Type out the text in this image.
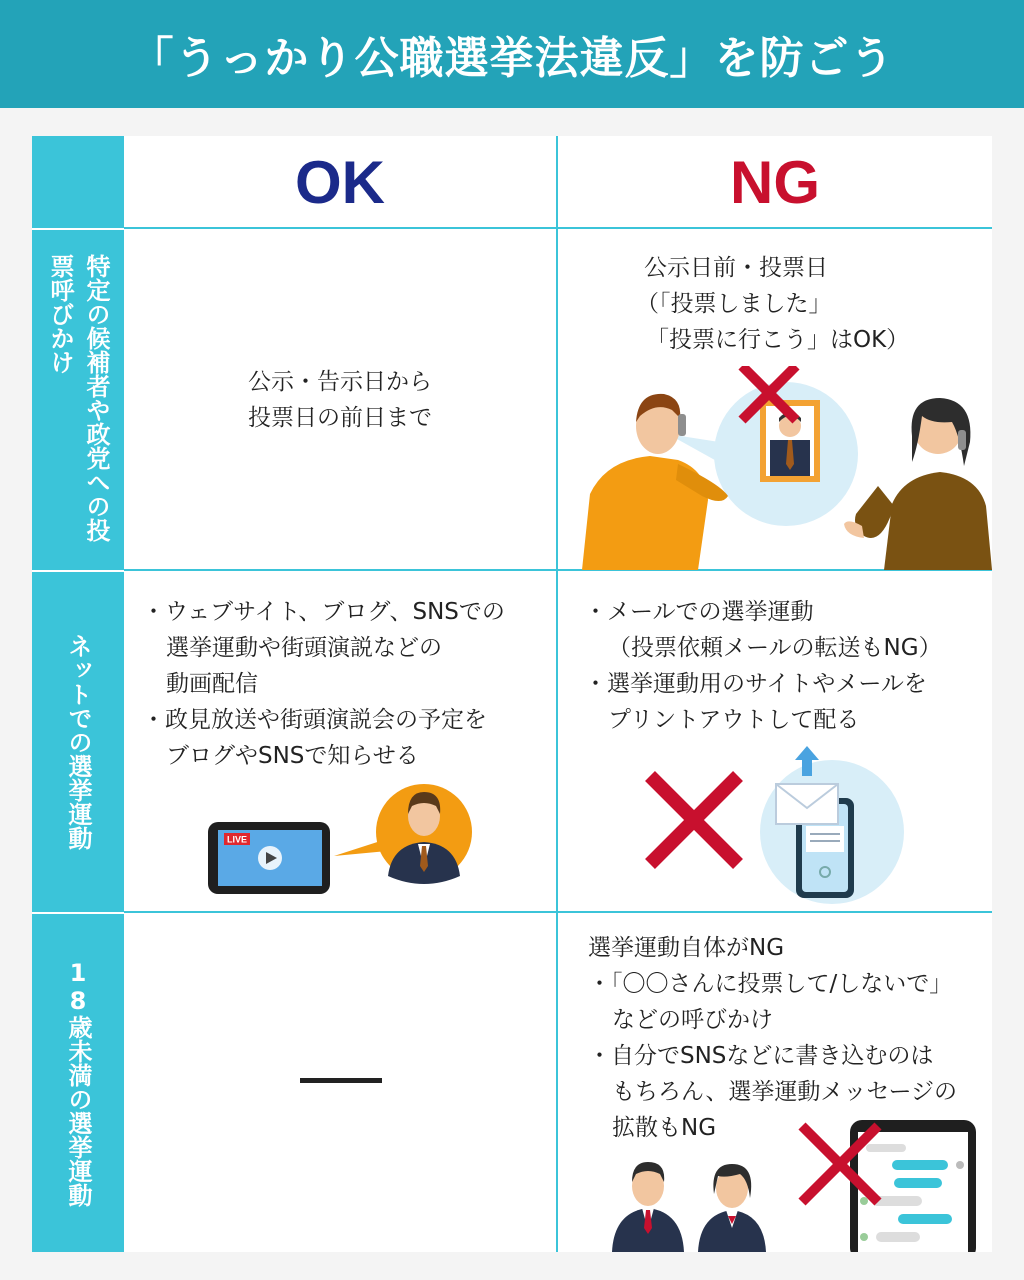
「うっかり公職選挙法違反」を防ごう
特定の候補者や政党への投票呼びかけ
ネットでの選挙運動
18歳未満の選挙運動
OK	NG
公示・告示日から
投票日の前日まで
公示日前・投票日
（「投票しました」
「投票に行こう」はOK）
・ ウェブサイト、ブログ、SNSでの
選挙運動や街頭演説などの
動画配信
・ 政見放送や街頭演説会の予定を
ブログやSNSで知らせる
LIVE
・ メールでの選挙運動
（投票依頼メールの転送もNG）
・ 選挙運動用のサイトやメールを
プリントアウトして配る
選挙運動自体がNG
・ 「〇〇さんに投票して/しないで」
などの呼びかけ
・ 自分でSNSなどに書き込むのは
もちろん、選挙運動メッセージの
拡散もNG
